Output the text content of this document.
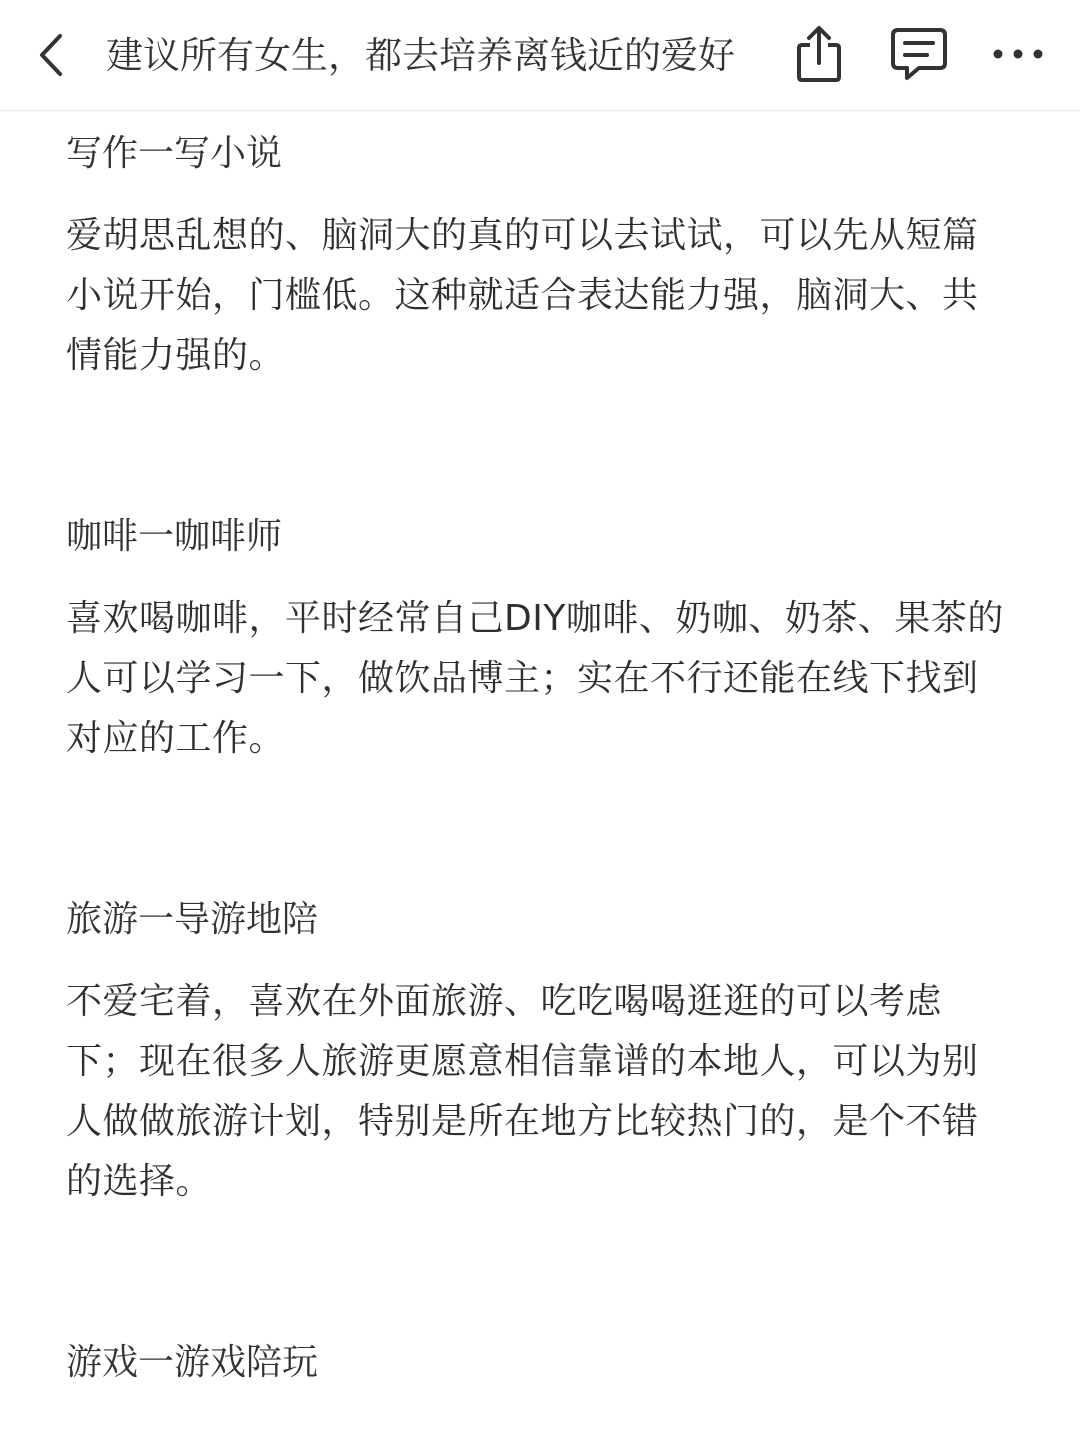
建议所有女生，都去培养离钱近的爱好

写作一写小说

爱胡思乱想的、脑洞大的真的可以去试试，可以先从短篇小说开始，门槛低。这种就适合表达能力强，脑洞大、共情能力强的。

咖啡一咖啡师

喜欢喝咖啡，平时经常自己DIY咖啡、奶咖、奶茶、果茶的人可以学习一下，做饮品博主；实在不行还能在线下找到对应的工作。

旅游一导游地陪

不爱宅着，喜欢在外面旅游、吃吃喝喝逛逛的可以考虑下；现在很多人旅游更愿意相信靠谱的本地人，可以为别人做做旅游计划，特别是所在地方比较热门的，是个不错的选择。

游戏一游戏陪玩
